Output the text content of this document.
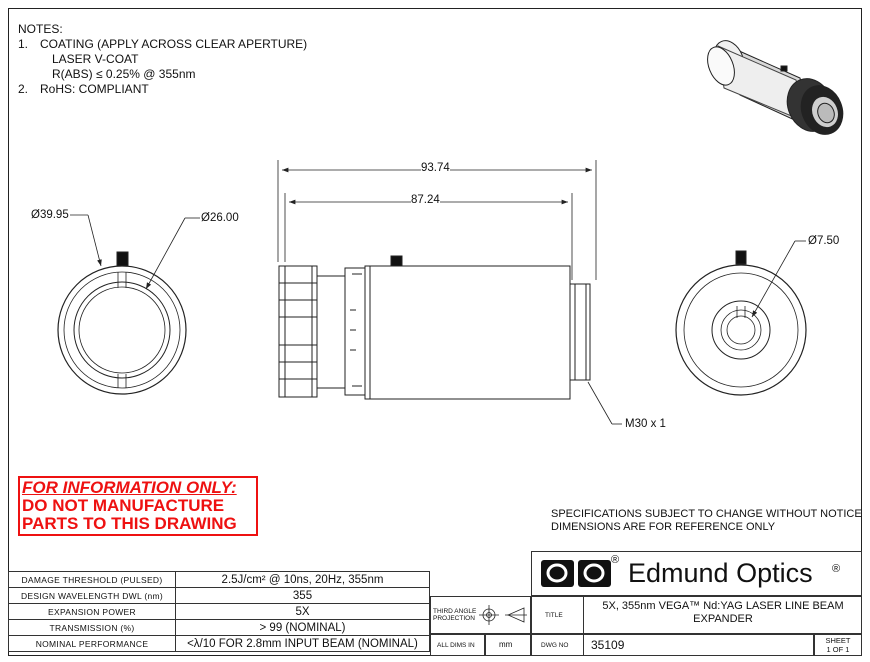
NOTES:
1. COATING (APPLY ACROSS CLEAR APERTURE)
LASER V-COAT
R(ABS) ≤ 0.25% @ 355nm
2. RoHS: COMPLIANT
®
93.74
87.24
Ø39.95	Ø26.00
Ø7.50
M30 x 1
FOR INFORMATION ONLY:
DO NOT MANUFACTURE
PARTS TO THIS DRAWING	SPECIFICATIONS SUBJECT TO CHANGE WITHOUT NOTICE
DIMENSIONS ARE FOR REFERENCE ONLY
DAMAGE THRESHOLD (PULSED)	2.5J/cm² @ 10ns, 20Hz, 355nm
DESIGN WAVELENGTH DWL (nm)	355
EXPANSION POWER	5X
TRANSMISSION (%)	> 99 (NOMINAL)
NOMINAL PERFORMANCE	<λ/10 FOR 2.8mm INPUT BEAM (NOMINAL)
Edmund Optics ®
THIRD ANGLE PROJECTION	TITLE
5X, 355nm VEGA™ Nd:YAG LASER LINE BEAM EXPANDER
ALL DIMS IN	mm	DWG NO 35109	SHEET
1 OF 1
